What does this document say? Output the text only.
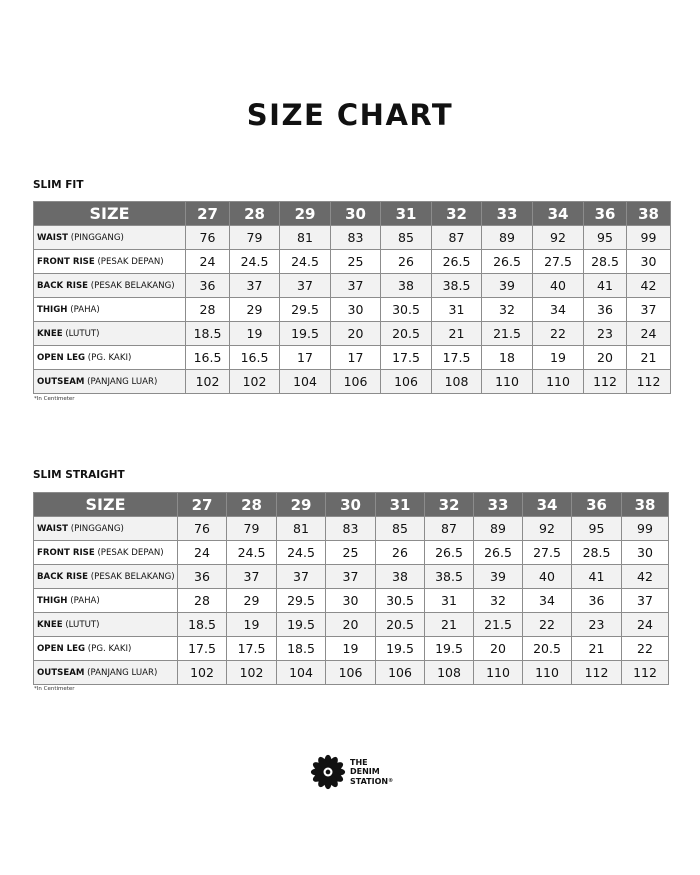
SIZE CHART
SLIM FIT
SIZE	27	28	29	30	31	32	33	34	36	38
WAIST (PINGGANG)	76	79	81	83	85	87	89	92	95	99
FRONT RISE (PESAK DEPAN)	24	24.5	24.5	25	26	26.5	26.5	27.5	28.5	30
BACK RISE (PESAK BELAKANG)	36	37	37	37	38	38.5	39	40	41	42
THIGH (PAHA)	28	29	29.5	30	30.5	31	32	34	36	37
KNEE (LUTUT)	18.5	19	19.5	20	20.5	21	21.5	22	23	24
OPEN LEG (PG. KAKI)	16.5	16.5	17	17	17.5	17.5	18	19	20	21
OUTSEAM (PANJANG LUAR)	102	102	104	106	106	108	110	110	112	112
*In Centimeter
SLIM STRAIGHT
SIZE	27	28	29	30	31	32	33	34	36	38
WAIST (PINGGANG)	76	79	81	83	85	87	89	92	95	99
FRONT RISE (PESAK DEPAN)	24	24.5	24.5	25	26	26.5	26.5	27.5	28.5	30
BACK RISE (PESAK BELAKANG)	36	37	37	37	38	38.5	39	40	41	42
THIGH (PAHA)	28	29	29.5	30	30.5	31	32	34	36	37
KNEE (LUTUT)	18.5	19	19.5	20	20.5	21	21.5	22	23	24
OPEN LEG (PG. KAKI)	17.5	17.5	18.5	19	19.5	19.5	20	20.5	21	22
OUTSEAM (PANJANG LUAR)	102	102	104	106	106	108	110	110	112	112
*In Centimeter
THE
DENIM
STATION®
